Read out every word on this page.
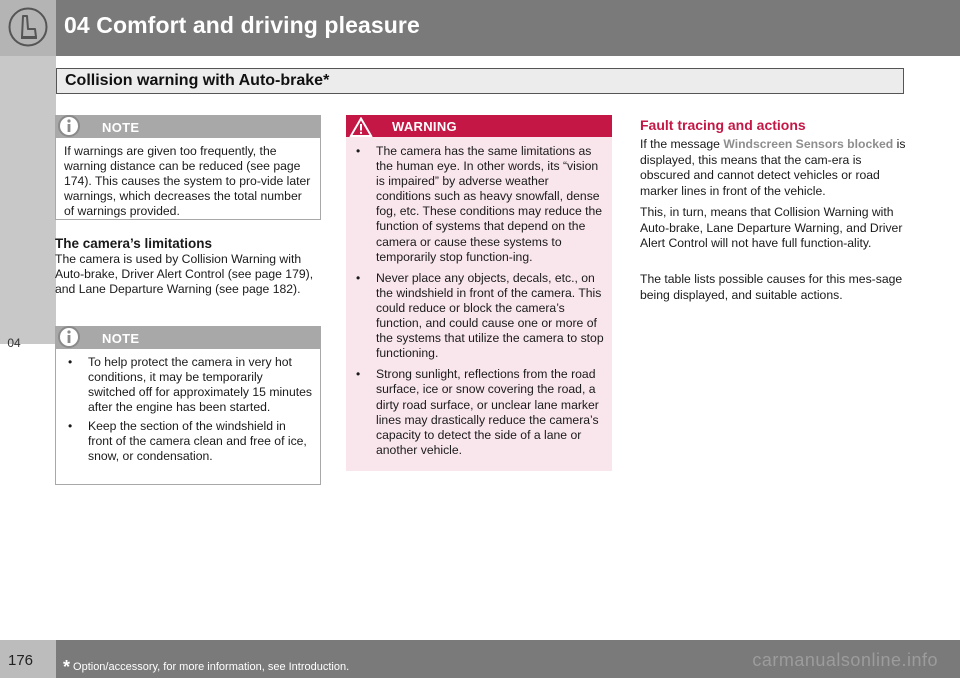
04 Comfort and driving pleasure
04
Collision warning with Auto-brake*
NOTE
If warnings are given too frequently, the warning distance can be reduced (see page 174). This causes the system to pro-vide later warnings, which decreases the total number of warnings provided.
The camera’s limitations
The camera is used by Collision Warning with Auto-brake, Driver Alert Control (see page 179), and Lane Departure Warning (see page 182).
NOTE
• To help protect the camera in very hot conditions, it may be temporarily switched off for approximately 15 minutes after the engine has been started.
• Keep the section of the windshield in front of the camera clean and free of ice, snow, or condensation.
WARNING
• The camera has the same limitations as the human eye. In other words, its “vision is impaired” by adverse weather conditions such as heavy snowfall, dense fog, etc. These conditions may reduce the function of systems that depend on the camera or cause these systems to temporarily stop function-ing.
• Never place any objects, decals, etc., on the windshield in front of the camera. This could reduce or block the camera’s function, and could cause one or more of the systems that utilize the camera to stop functioning.
• Strong sunlight, reflections from the road surface, ice or snow covering the road, a dirty road surface, or unclear lane marker lines may drastically reduce the camera’s capacity to detect the side of a lane or another vehicle.
Fault tracing and actions
If the message Windscreen Sensors blocked is displayed, this means that the cam-era is obscured and cannot detect vehicles or road marker lines in front of the vehicle.
This, in turn, means that Collision Warning with Auto-brake, Lane Departure Warning, and Driver Alert Control will not have full function-ality.
The table lists possible causes for this mes-sage being displayed, and suitable actions.
176 * Option/accessory, for more information, see Introduction.	carmanualsonline.info
